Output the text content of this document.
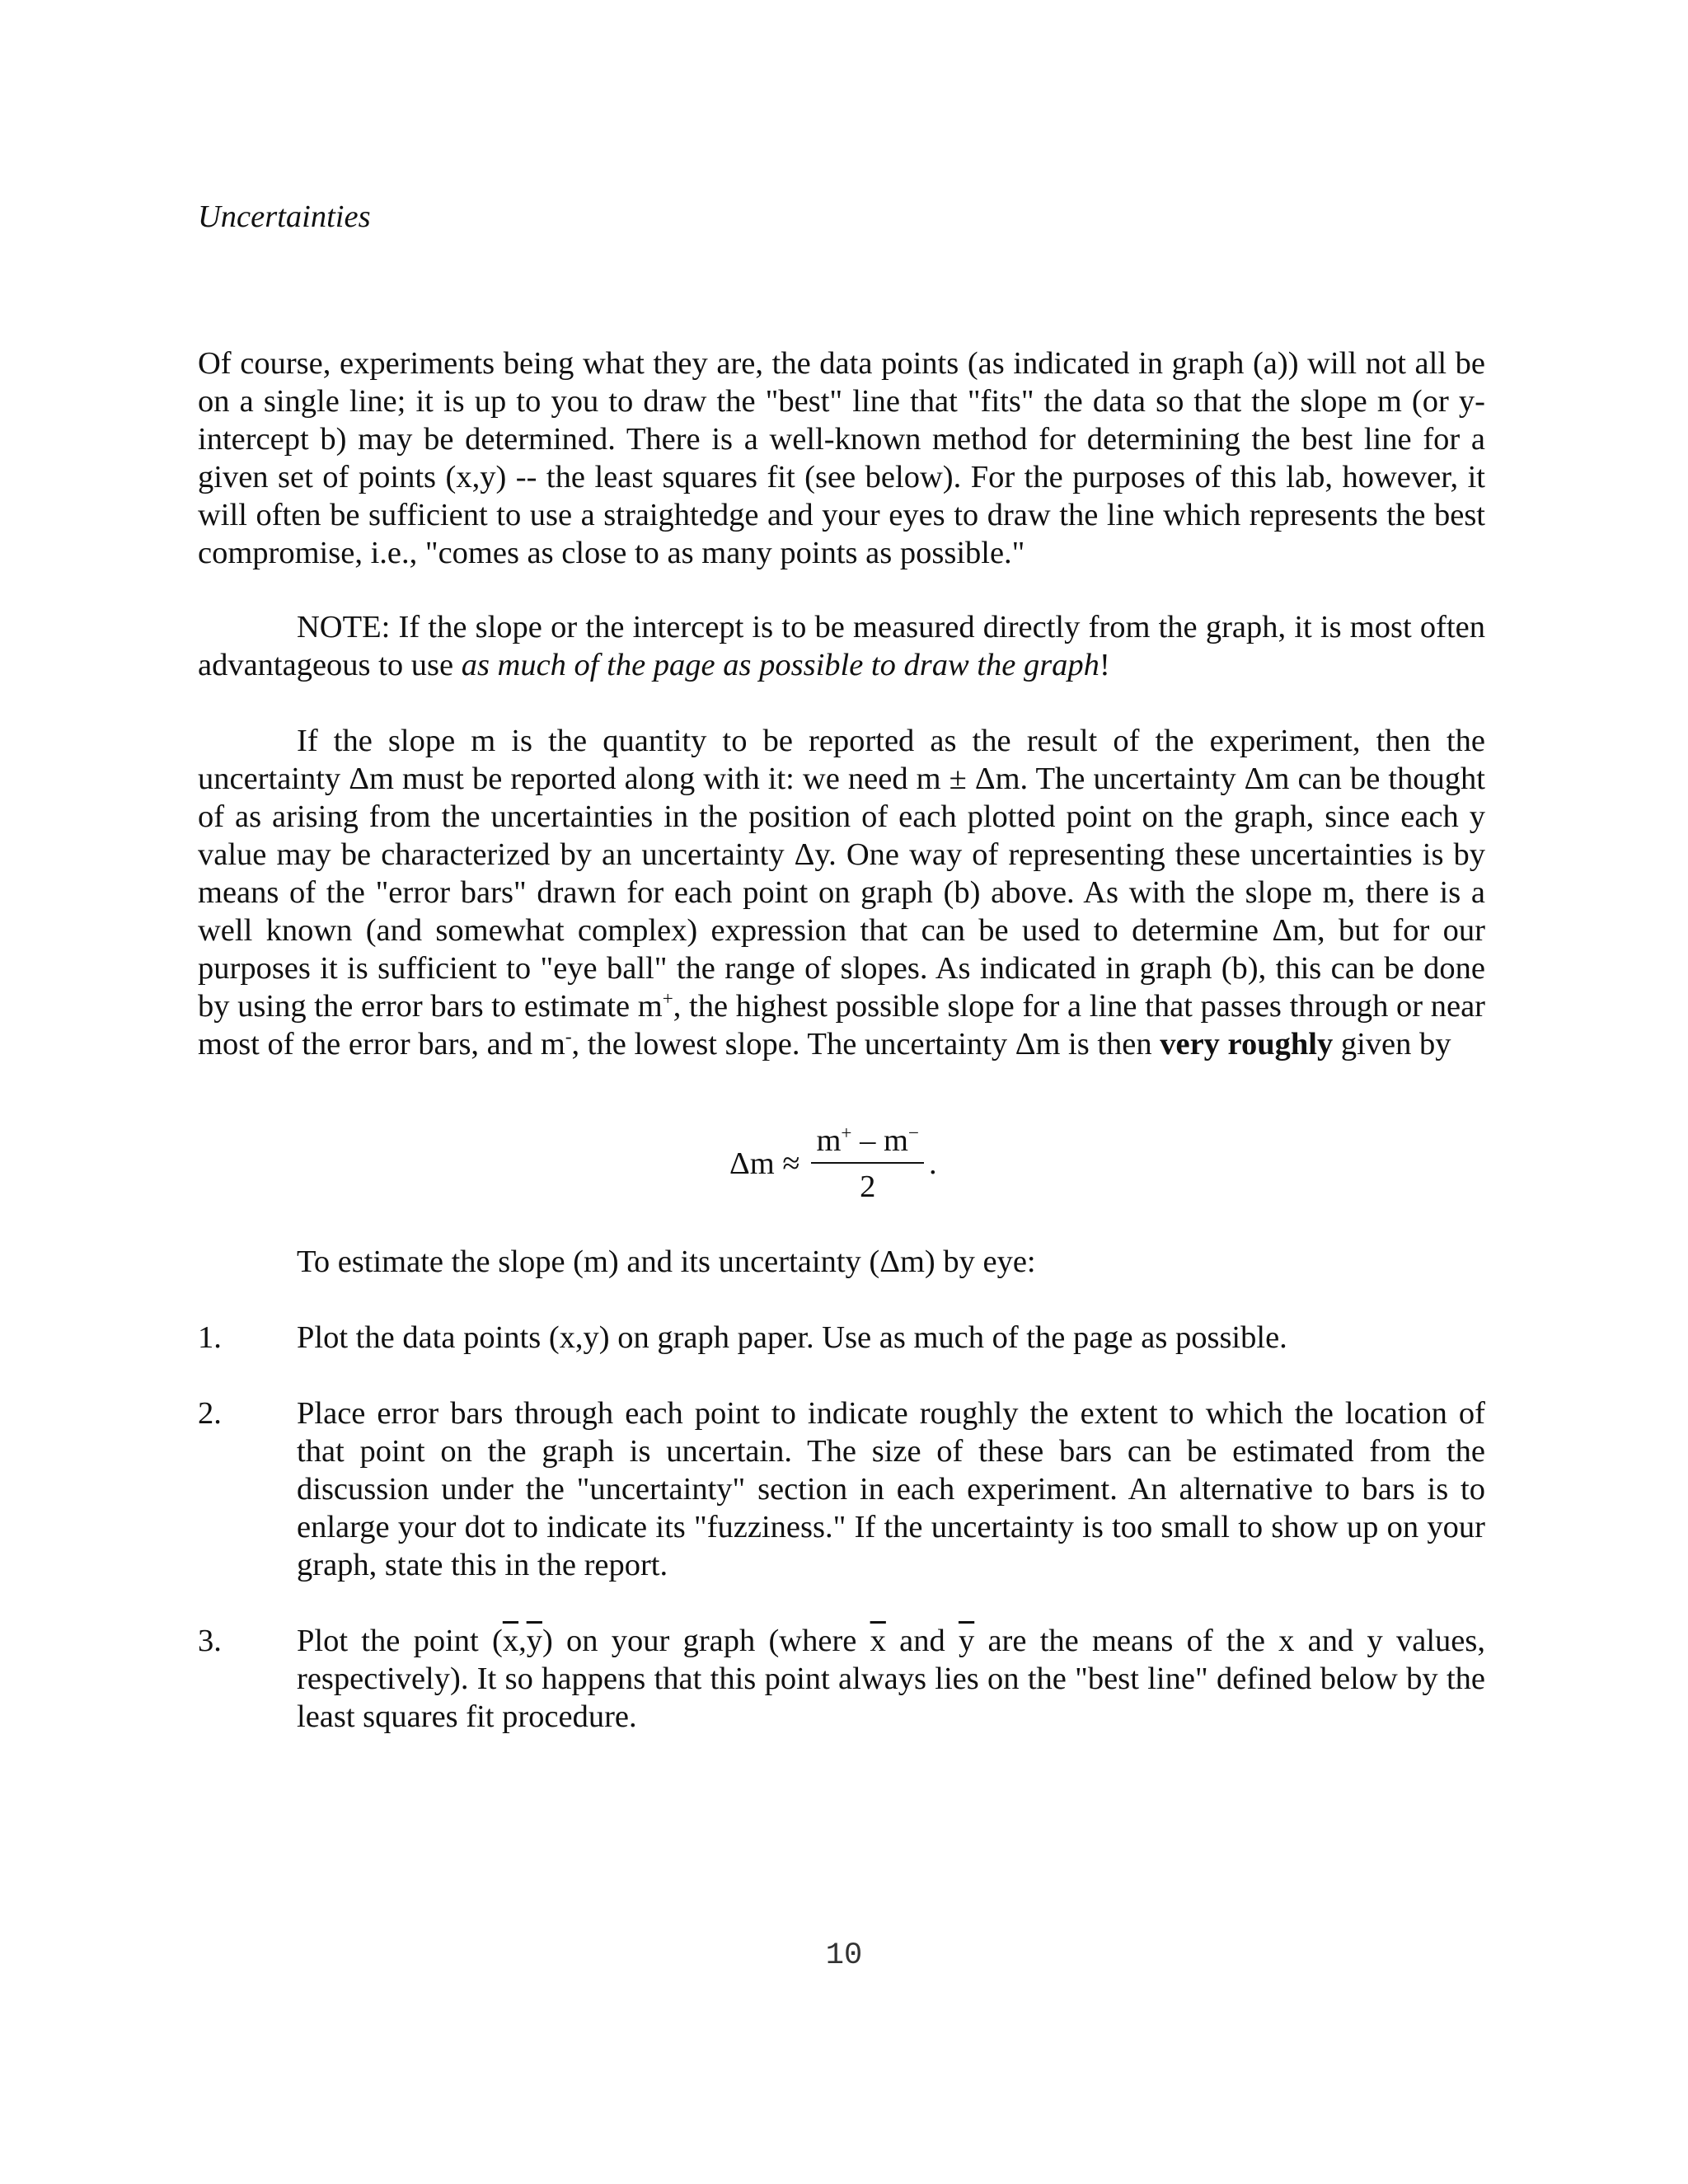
Uncertainties

Of course, experiments being what they are, the data points (as indicated in graph (a)) will not all be on a single line; it is up to you to draw the "best" line that "fits" the data so that the slope m (or y-intercept b) may be determined. There is a well-known method for determining the best line for a given set of points (x,y) -- the least squares fit (see below). For the purposes of this lab, however, it will often be sufficient to use a straightedge and your eyes to draw the line which represents the best compromise, i.e., "comes as close to as many points as possible."

NOTE: If the slope or the intercept is to be measured directly from the graph, it is most often advantageous to use as much of the page as possible to draw the graph!

If the slope m is the quantity to be reported as the result of the experiment, then the uncertainty Δm must be reported along with it: we need m ± Δm. The uncertainty Δm can be thought of as arising from the uncertainties in the position of each plotted point on the graph, since each y value may be characterized by an uncertainty Δy. One way of representing these uncertainties is by means of the "error bars" drawn for each point on graph (b) above. As with the slope m, there is a well known (and somewhat complex) expression that can be used to determine Δm, but for our purposes it is sufficient to "eye ball" the range of slopes. As indicated in graph (b), this can be done by using the error bars to estimate m+, the highest possible slope for a line that passes through or near most of the error bars, and m-, the lowest slope. The uncertainty Δm is then very roughly given by

$\Delta m \approx \frac{m^+ - m^-}{2}$ .
To estimate the slope (m) and its uncertainty (Δm) by eye:
1. Plot the data points (x,y) on graph paper. Use as much of the page as possible.

2. Place error bars through each point to indicate roughly the extent to which the location of that point on the graph is uncertain. The size of these bars can be estimated from the discussion under the "uncertainty" section in each experiment. An alternative to bars is to enlarge your dot to indicate its "fuzziness." If the uncertainty is too small to show up on your graph, state this in the report.

3. Plot the point $(\overline{x},\overline{y})$ on your graph (where $\overline{x}$ and $\overline{y}$ are the means of the x and y values, respectively). It so happens that this point always lies on the "best line" defined below by the least squares fit procedure.

10
